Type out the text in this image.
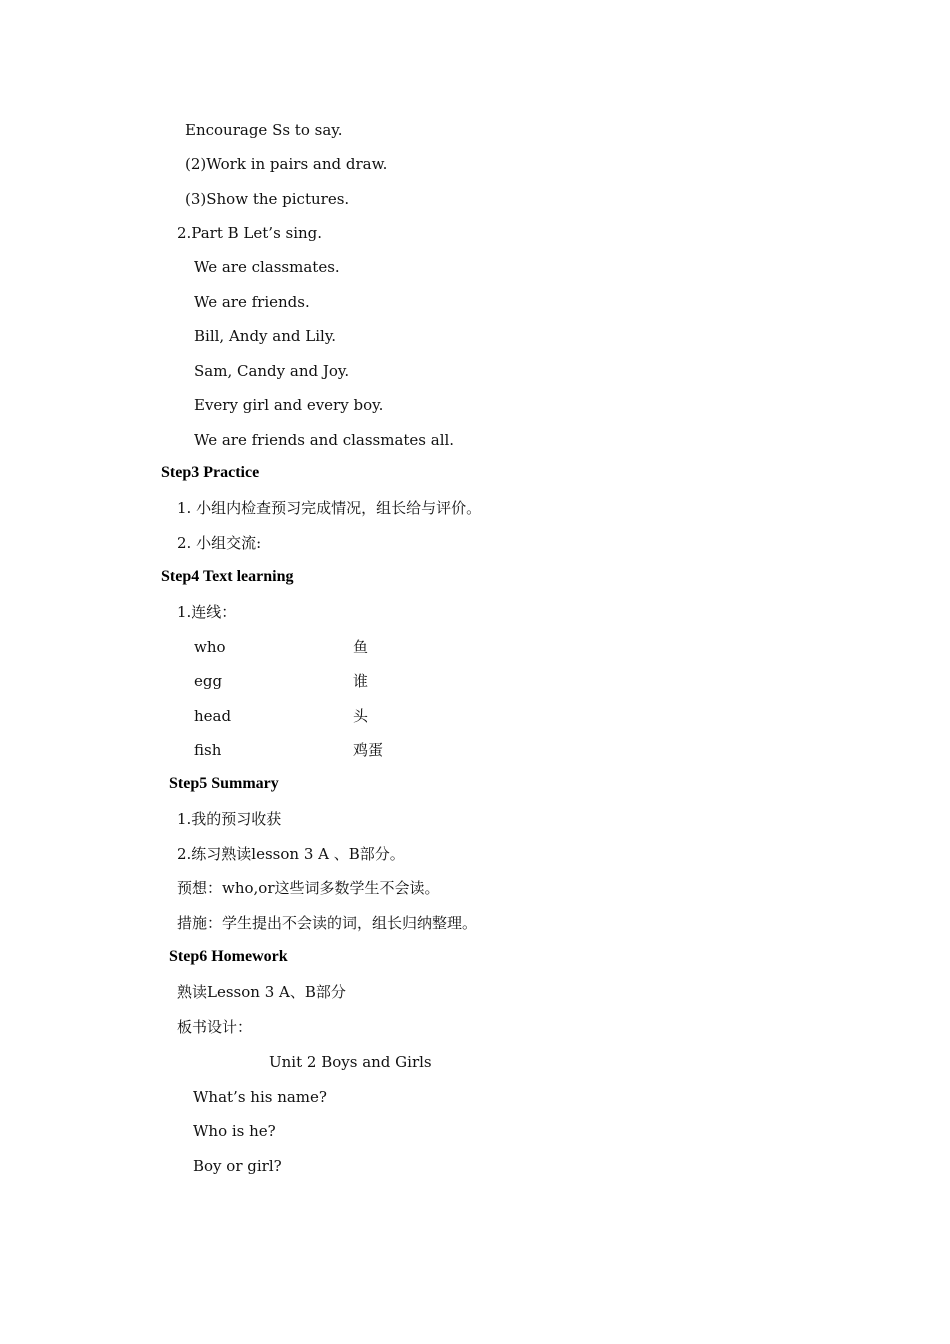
Encourage Ss to say.
(2)Work in pairs and draw.
(3)Show the pictures.
2.Part B Let’s sing.
We are classmates.
We are friends.
Bill, Andy and Lily.
Sam, Candy and Joy.
Every girl and every boy.
We are friends and classmates all.
Step3 Practice
1. 小组内检查预习完成情况，组长给与评价。
2. 小组交流:
Step4 Text learning
1.连线：
who	鱼
egg	谁
head	头
fish	鸡蛋
Step5 Summary
1.我的预习收获
2.练习熟读lesson 3 A 、B部分。
预想：who,or这些词多数学生不会读。
措施：学生提出不会读的词，组长归纳整理。
Step6 Homework
熟读Lesson 3 A、B部分
板书设计：
Unit 2 Boys and Girls
What’s his name?
Who is he?
Boy or girl?
